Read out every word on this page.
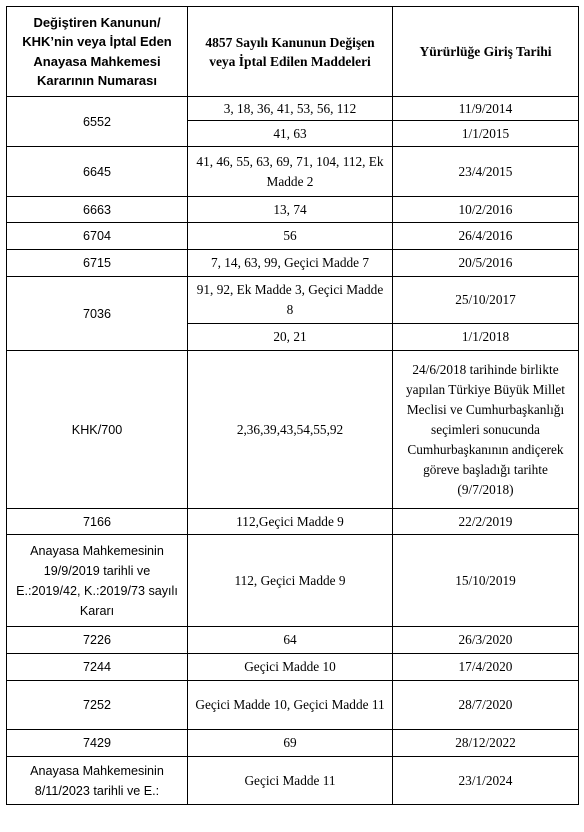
Değiştiren Kanunun/ KHK’nin veya İptal Eden Anayasa Mahkemesi Kararının Numarası	4857 Sayılı Kanunun Değişen veya İptal Edilen Maddeleri	Yürürlüğe Giriş Tarihi
6552	3, 18, 36, 41, 53, 56, 112	11/9/2014
	41, 63	1/1/2015
6645	41, 46, 55, 63, 69, 71, 104, 112, Ek Madde 2	23/4/2015
6663	13, 74	10/2/2016
6704	56	26/4/2016
6715	7, 14, 63, 99, Geçici Madde 7	20/5/2016
7036	91, 92, Ek Madde 3, Geçici Madde 8	25/10/2017
	20, 21	1/1/2018
KHK/700	2,36,39,43,54,55,92	24/6/2018 tarihinde birlikte yapılan Türkiye Büyük Millet Meclisi ve Cumhurbaşkanlığı seçimleri sonucunda Cumhurbaşkanının andiçerek göreve başladığı tarihte (9/7/2018)
7166	112,Geçici Madde 9	22/2/2019
Anayasa Mahkemesinin 19/9/2019 tarihli ve E.:2019/42, K.:2019/73 sayılı Kararı	112, Geçici Madde 9	15/10/2019
7226	64	26/3/2020
7244	Geçici Madde 10	17/4/2020
7252	Geçici Madde 10, Geçici Madde 11	28/7/2020
7429	69	28/12/2022
Anayasa Mahkemesinin 8/11/2023 tarihli ve E.:	Geçici Madde 11	23/1/2024
